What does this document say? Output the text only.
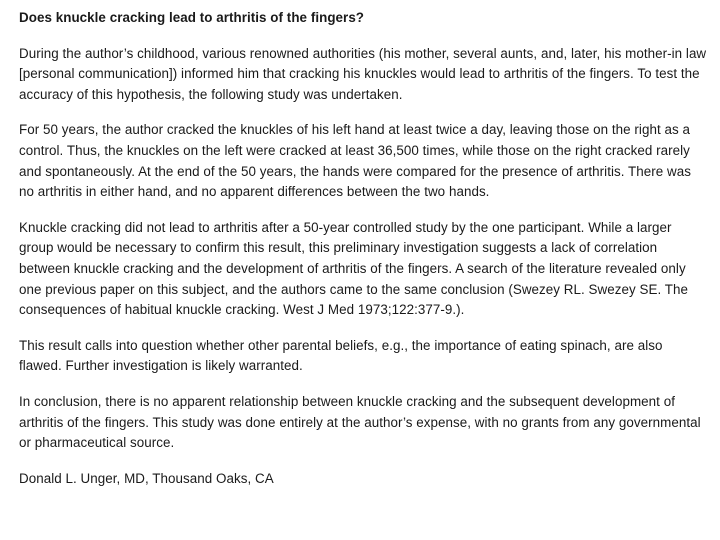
Does knuckle cracking lead to arthritis of the fingers?

During the author’s childhood, various renowned authorities (his mother, several aunts, and, later, his mother-in law [personal communication]) informed him that cracking his knuckles would lead to arthritis of the fingers. To test the accuracy of this hypothesis, the following study was undertaken.

For 50 years, the author cracked the knuckles of his left hand at least twice a day, leaving those on the right as a control. Thus, the knuckles on the left were cracked at least 36,500 times, while those on the right cracked rarely and spontaneously. At the end of the 50 years, the hands were compared for the presence of arthritis. There was no arthritis in either hand, and no apparent differences between the two hands.

Knuckle cracking did not lead to arthritis after a 50-year controlled study by the one participant. While a larger group would be necessary to confirm this result, this preliminary investigation suggests a lack of correlation between knuckle cracking and the development of arthritis of the fingers. A search of the literature revealed only one previous paper on this subject, and the authors came to the same conclusion (Swezey RL. Swezey SE. The consequences of habitual knuckle cracking. West J Med 1973;122:377-9.).

This result calls into question whether other parental beliefs, e.g., the importance of eating spinach, are also flawed. Further investigation is likely warranted.

In conclusion, there is no apparent relationship between knuckle cracking and the subsequent development of arthritis of the fingers. This study was done entirely at the author’s expense, with no grants from any governmental or pharmaceutical source.

Donald L. Unger, MD, Thousand Oaks, CA
